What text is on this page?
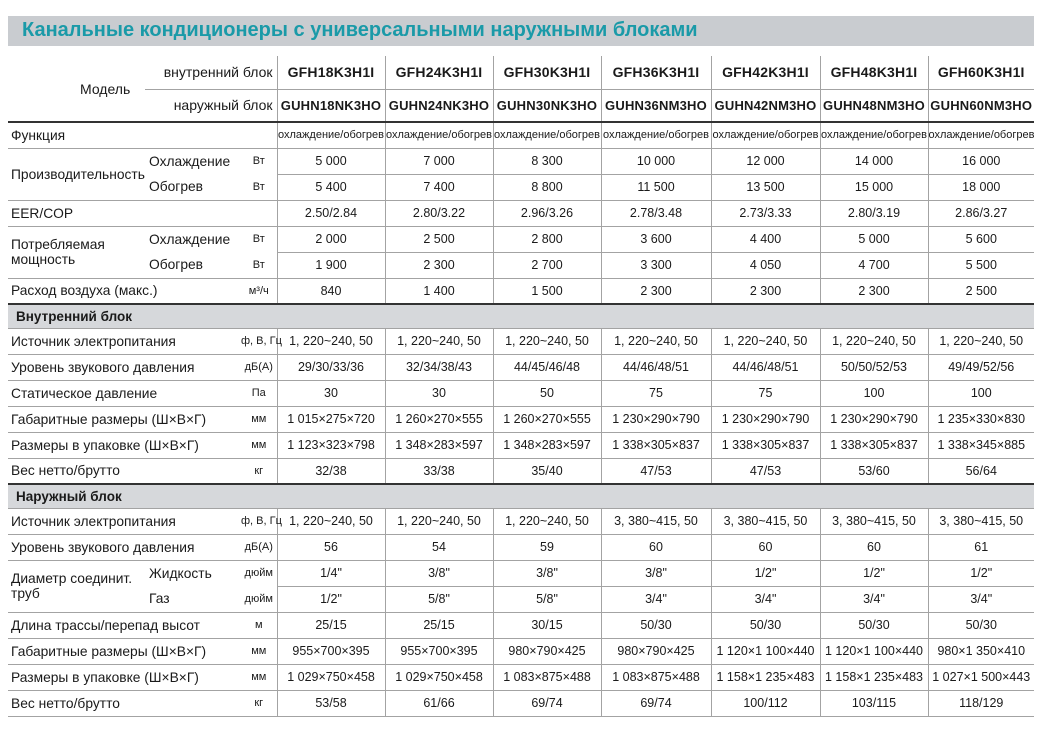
Канальные кондиционеры с универсальными наружными блоками
Модель	внутренний блок		GFH18K3H1I	GFH24K3H1I	GFH30K3H1I	GFH36K3H1I	GFH42K3H1I	GFH48K3H1I	GFH60K3H1I
	наружный блок		GUHN18NK3HO	GUHN24NK3HO	GUHN30NK3HO	GUHN36NM3HO	GUHN42NM3HO	GUHN48NM3HO	GUHN60NM3HO
Функция			охлаждение/обогрев	охлаждение/обогрев	охлаждение/обогрев	охлаждение/обогрев	охлаждение/обогрев	охлаждение/обогрев	охлаждение/обогрев
Производительность	Охлаждение	Вт	5 000	7 000	8 300	10 000	12 000	14 000	16 000
	Обогрев	Вт	5 400	7 400	8 800	11 500	13 500	15 000	18 000
EER/COP			2.50/2.84	2.80/3.22	2.96/3.26	2.78/3.48	2.73/3.33	2.80/3.19	2.86/3.27
Потребляемая мощность	Охлаждение	Вт	2 000	2 500	2 800	3 600	4 400	5 000	5 600
	Обогрев	Вт	1 900	2 300	2 700	3 300	4 050	4 700	5 500
Расход воздуха (макс.)		м³/ч	840	1 400	1 500	2 300	2 300	2 300	2 500
Внутренний блок									
Источник электропитания		ф, В, Гц	1, 220~240, 50	1, 220~240, 50	1, 220~240, 50	1, 220~240, 50	1, 220~240, 50	1, 220~240, 50	1, 220~240, 50
Уровень звукового давления		дБ(А)	29/30/33/36	32/34/38/43	44/45/46/48	44/46/48/51	44/46/48/51	50/50/52/53	49/49/52/56
Статическое давление		Па	30	30	50	75	75	100	100
Габаритные размеры (Ш×В×Г)		мм	1 015×275×720	1 260×270×555	1 260×270×555	1 230×290×790	1 230×290×790	1 230×290×790	1 235×330×830
Размеры в упаковке (Ш×В×Г)		мм	1 123×323×798	1 348×283×597	1 348×283×597	1 338×305×837	1 338×305×837	1 338×305×837	1 338×345×885
Вес нетто/брутто		кг	32/38	33/38	35/40	47/53	47/53	53/60	56/64
Наружный блок									
Источник электропитания		ф, В, Гц	1, 220~240, 50	1, 220~240, 50	1, 220~240, 50	3, 380~415, 50	3, 380~415, 50	3, 380~415, 50	3, 380~415, 50
Уровень звукового давления		дБ(А)	56	54	59	60	60	60	61
Диаметр соединит. труб	Жидкость	дюйм	1/4"	3/8"	3/8"	3/8"	1/2"	1/2"	1/2"
	Газ	дюйм	1/2"	5/8"	5/8"	3/4"	3/4"	3/4"	3/4"
Длина трассы/перепад высот		м	25/15	25/15	30/15	50/30	50/30	50/30	50/30
Габаритные размеры (Ш×В×Г)		мм	955×700×395	955×700×395	980×790×425	980×790×425	1 120×1 100×440	1 120×1 100×440	980×1 350×410
Размеры в упаковке (Ш×В×Г)		мм	1 029×750×458	1 029×750×458	1 083×875×488	1 083×875×488	1 158×1 235×483	1 158×1 235×483	1 027×1 500×443
Вес нетто/брутто		кг	53/58	61/66	69/74	69/74	100/112	103/115	118/129
